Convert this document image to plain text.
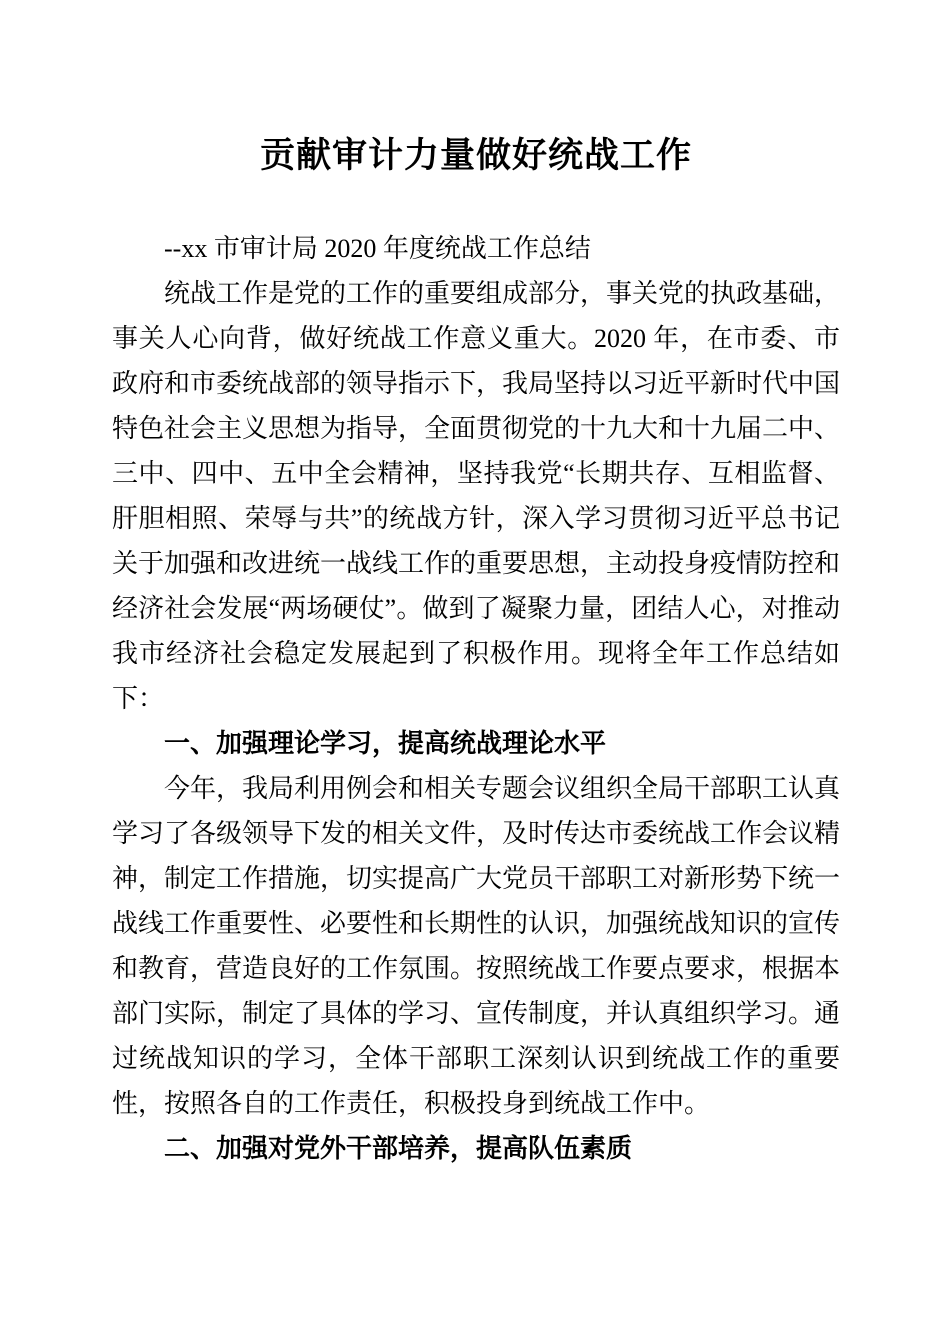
贡献审计力量做好统战工作
--xx 市审计局 2020 年度统战工作总结

统战工作是党的工作的重要组成部分，事关党的执政基础，事关人心向背，做好统战工作意义重大。2020 年，在市委、市政府和市委统战部的领导指示下，我局坚持以习近平新时代中国特色社会主义思想为指导，全面贯彻党的十九大和十九届二中、三中、四中、五中全会精神，坚持我党“长期共存、互相监督、肝胆相照、荣辱与共”的统战方针，深入学习贯彻习近平总书记关于加强和改进统一战线工作的重要思想，主动投身疫情防控和经济社会发展“两场硬仗”。做到了凝聚力量，团结人心，对推动我市经济社会稳定发展起到了积极作用。现将全年工作总结如下：

一、加强理论学习，提高统战理论水平

今年，我局利用例会和相关专题会议组织全局干部职工认真学习了各级领导下发的相关文件，及时传达市委统战工作会议精神，制定工作措施，切实提高广大党员干部职工对新形势下统一战线工作重要性、必要性和长期性的认识，加强统战知识的宣传和教育，营造良好的工作氛围。按照统战工作要点要求，根据本部门实际，制定了具体的学习、宣传制度，并认真组织学习。通过统战知识的学习，全体干部职工深刻认识到统战工作的重要性，按照各自的工作责任，积极投身到统战工作中。

二、加强对党外干部培养，提高队伍素质
